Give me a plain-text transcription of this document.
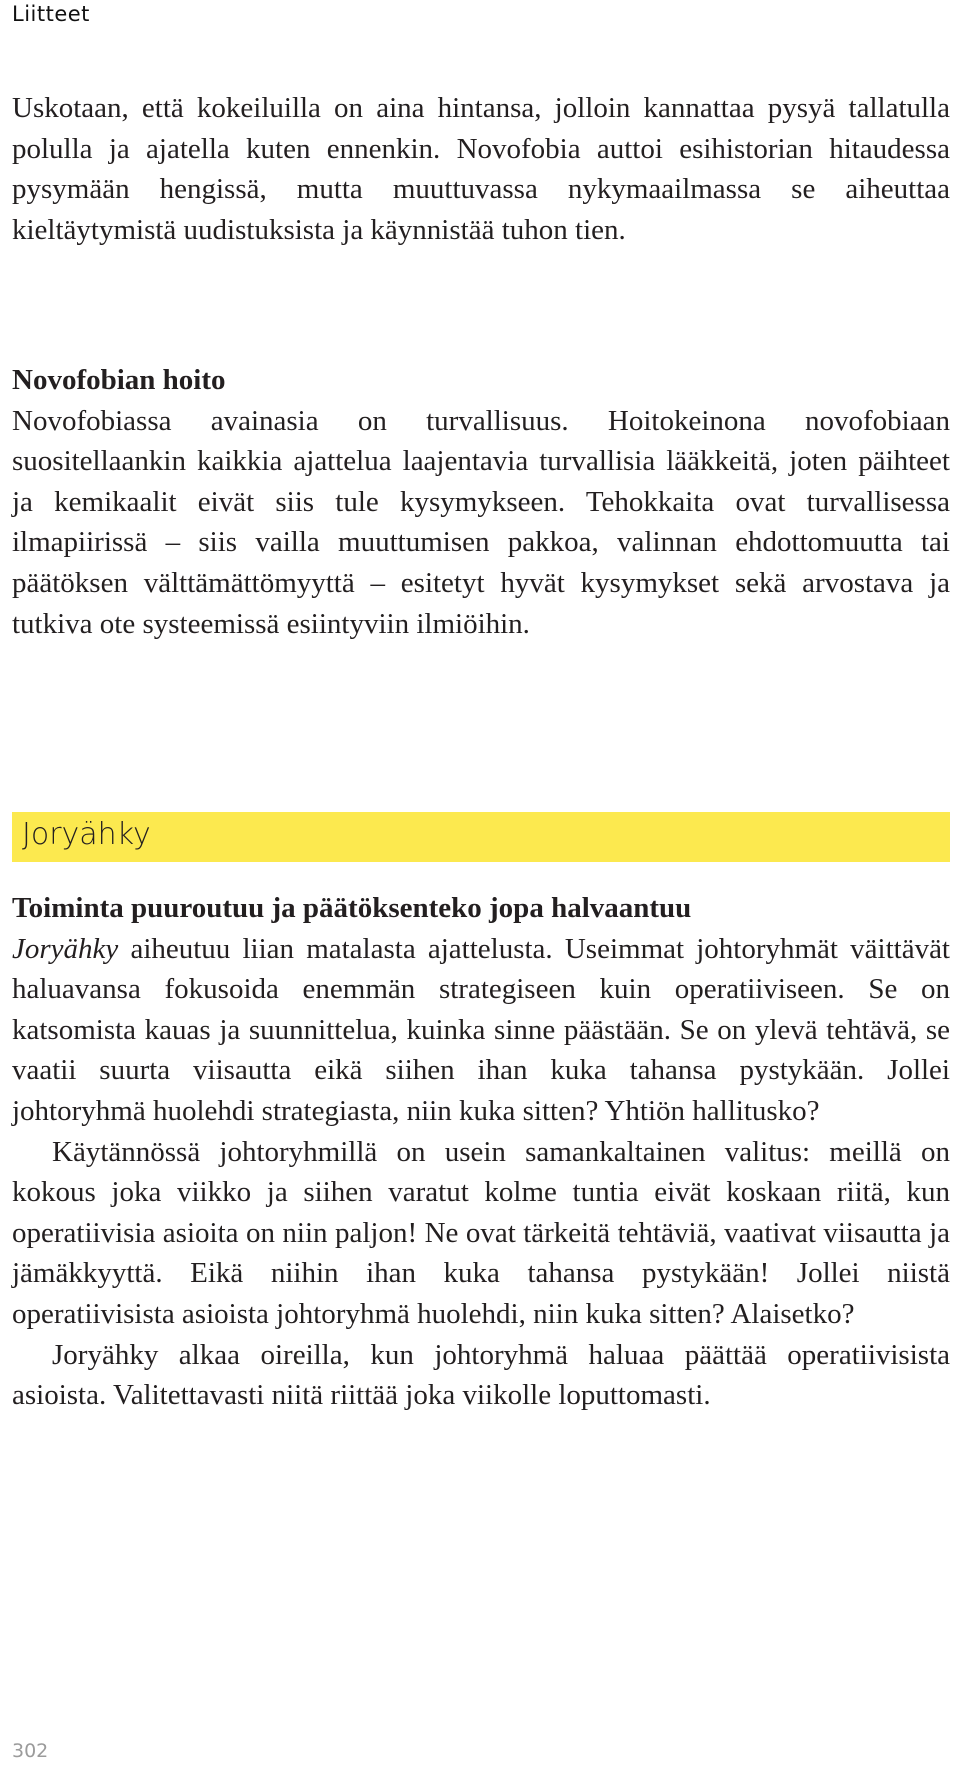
Liitteet

Uskotaan, että kokeiluilla on aina hintansa, jolloin kannattaa pysyä tallatulla polulla ja ajatella kuten ennenkin. Novofobia auttoi esihistorian hitaudessa pysymään hengissä, mutta muuttuvassa nykymaailmassa se aiheuttaa kieltäytymistä uudistuksista ja käynnistää tuhon tien.

Novofobian hoito

Novofobiassa avainasia on turvallisuus. Hoitokeinona novofobiaan suositellaankin kaikkia ajattelua laajentavia turvallisia lääkkeitä, joten päihteet ja kemikaalit eivät siis tule kysymykseen. Tehokkaita ovat turvallisessa ilmapiirissä – siis vailla muuttumisen pakkoa, valinnan ehdottomuutta tai päätöksen välttämättömyyttä – esitetyt hyvät kysymykset sekä arvostava ja tutkiva ote systeemissä esiintyviin ilmiöihin.

Joryähky
Toiminta puuroutuu ja päätöksenteko jopa halvaantuu

Joryähky aiheutuu liian matalasta ajattelusta. Useimmat johtoryhmät väittävät haluavansa fokusoida enemmän strategiseen kuin operatiiviseen. Se on katsomista kauas ja suunnittelua, kuinka sinne päästään. Se on ylevä tehtävä, se vaatii suurta viisautta eikä siihen ihan kuka tahansa pystykään. Jollei johtoryhmä huolehdi strategiasta, niin kuka sitten? Yhtiön hallitusko?

Käytännössä johtoryhmillä on usein samankaltainen valitus: meillä on kokous joka viikko ja siihen varatut kolme tuntia eivät koskaan riitä, kun operatiivisia asioita on niin paljon! Ne ovat tärkeitä tehtäviä, vaativat viisautta ja jämäkkyyttä. Eikä niihin ihan kuka tahansa pystykään! Jollei niistä operatiivisista asioista johtoryhmä huolehdi, niin kuka sitten? Alaisetko?

Joryähky alkaa oireilla, kun johtoryhmä haluaa päättää operatiivisista asioista. Valitettavasti niitä riittää joka viikolle loputtomasti.

302
